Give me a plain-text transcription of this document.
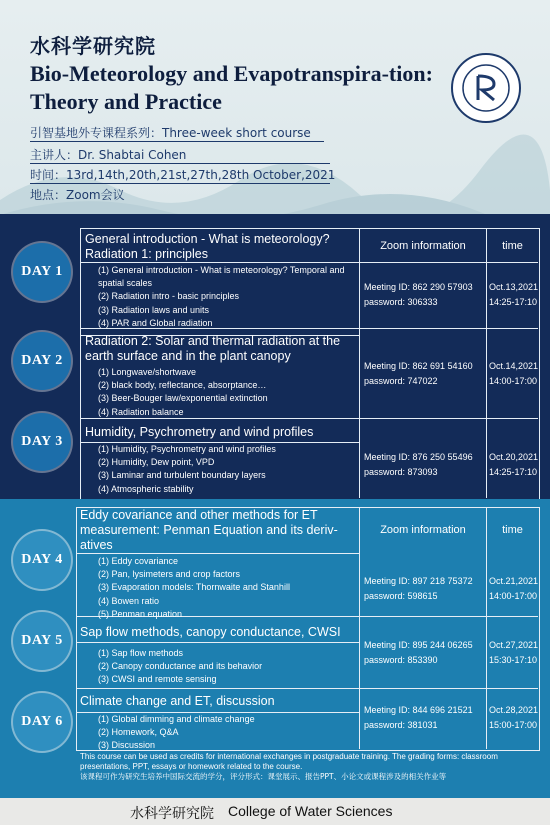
水科学研究院
Bio-Meteorology and Evapotranspira-tion: Theory and Practice
引智基地外专课程系列：Three-week short course
主讲人：Dr. Shabtai Cohen
时间：13rd,14th,20th,21st,27th,28th October,2021
地点：Zoom会议
Zoom information	time
DAY 1
General introduction - What is meteorology? Radiation 1: principles
(1) General introduction - What is meteorology? Temporal and spatial scales
(2) Radiation intro - basic principles
(3) Radiation laws and units
(4) PAR and Global radiation
Meeting ID: 862 290 57903
password: 306333
Oct.13,2021
14:25-17:10
DAY 2
Radiation 2: Solar and thermal radiation at the earth surface and in the plant canopy
(1) Longwave/shortwave
(2) black body, reflectance, absorptance…
(3) Beer-Bouger law/exponential extinction
(4) Radiation balance
Meeting ID: 862 691 54160
password: 747022
Oct.14,2021
14:00-17:00
DAY 3
Humidity, Psychrometry and wind profiles
(1) Humidity, Psychrometry and wind profiles
(2) Humidity, Dew point, VPD
(3) Laminar and turbulent boundary layers
(4) Atmospheric stability
Meeting ID: 876 250 55496
password: 873093
Oct.20,2021
14:25-17:10
Zoom information	time
DAY 4
Eddy covariance and other methods for ET measurement: Penman Equation and its deriv-atives
(1) Eddy covariance
(2) Pan, lysimeters and crop factors
(3) Evaporation models: Thornwaite and Stanhill
(4) Bowen ratio
(5) Penman equation
Meeting ID: 897 218 75372
password: 598615
Oct.21,2021
14:00-17:00
DAY 5
Sap flow methods, canopy conductance, CWSI
(1) Sap flow methods
(2) Canopy conductance and its behavior
(3) CWSI and remote sensing
Meeting ID: 895 244 06265
password: 853390
Oct.27,2021
15:30-17:10
DAY 6
Climate change and ET, discussion
(1) Global dimming and climate change
(2) Homework, Q&A
(3) Discussion
Meeting ID: 844 696 21521
password: 381031
Oct.28,2021
15:00-17:00
This course can be used as credits for international exchanges in postgraduate training. The grading forms: classroom presentations, PPT, essays or homework related to the course.
该课程可作为研究生培养中国际交流的学分，评分形式：课堂展示、报告PPT、小论文或课程涉及的相关作业等
水科学研究院 College of Water Sciences
